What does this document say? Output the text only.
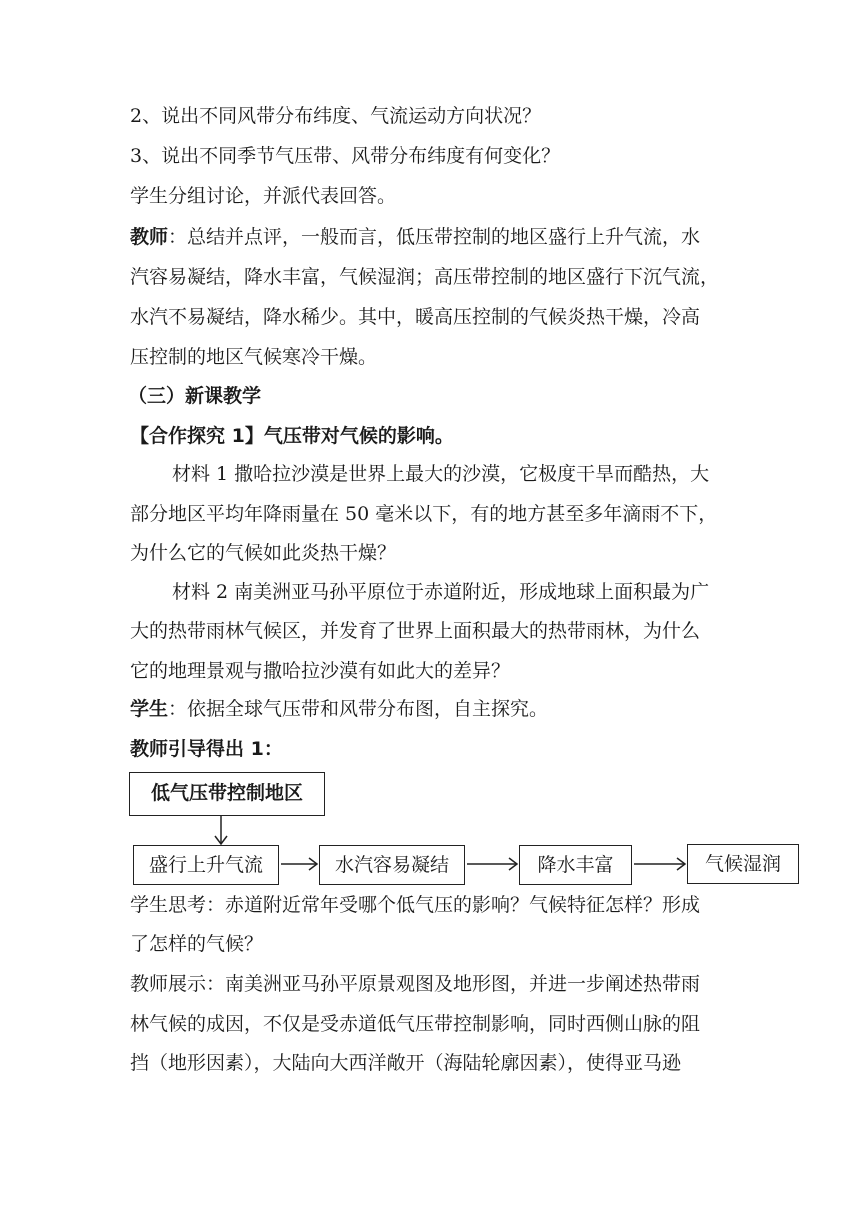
2、说出不同风带分布纬度、气流运动方向状况？
3、说出不同季节气压带、风带分布纬度有何变化？
学生分组讨论，并派代表回答。
教师：总结并点评，一般而言，低压带控制的地区盛行上升气流，水
汽容易凝结，降水丰富，气候湿润；高压带控制的地区盛行下沉气流，
水汽不易凝结，降水稀少。其中，暖高压控制的气候炎热干燥，冷高
压控制的地区气候寒冷干燥。
（三）新课教学
【合作探究 1】气压带对气候的影响。
材料 1 撒哈拉沙漠是世界上最大的沙漠，它极度干旱而酷热，大
部分地区平均年降雨量在 50 毫米以下，有的地方甚至多年滴雨不下，
为什么它的气候如此炎热干燥？
材料 2 南美洲亚马孙平原位于赤道附近，形成地球上面积最为广
大的热带雨林气候区，并发育了世界上面积最大的热带雨林，为什么
它的地理景观与撒哈拉沙漠有如此大的差异？
学生：依据全球气压带和风带分布图，自主探究。
教师引导得出 1：
低气压带控制地区
盛行上升气流	水汽容易凝结	降水丰富	气候湿润
学生思考：赤道附近常年受哪个低气压的影响？气候特征怎样？形成
了怎样的气候？
教师展示：南美洲亚马孙平原景观图及地形图，并进一步阐述热带雨
林气候的成因，不仅是受赤道低气压带控制影响，同时西侧山脉的阻
挡（地形因素），大陆向大西洋敞开（海陆轮廓因素），使得亚马逊
